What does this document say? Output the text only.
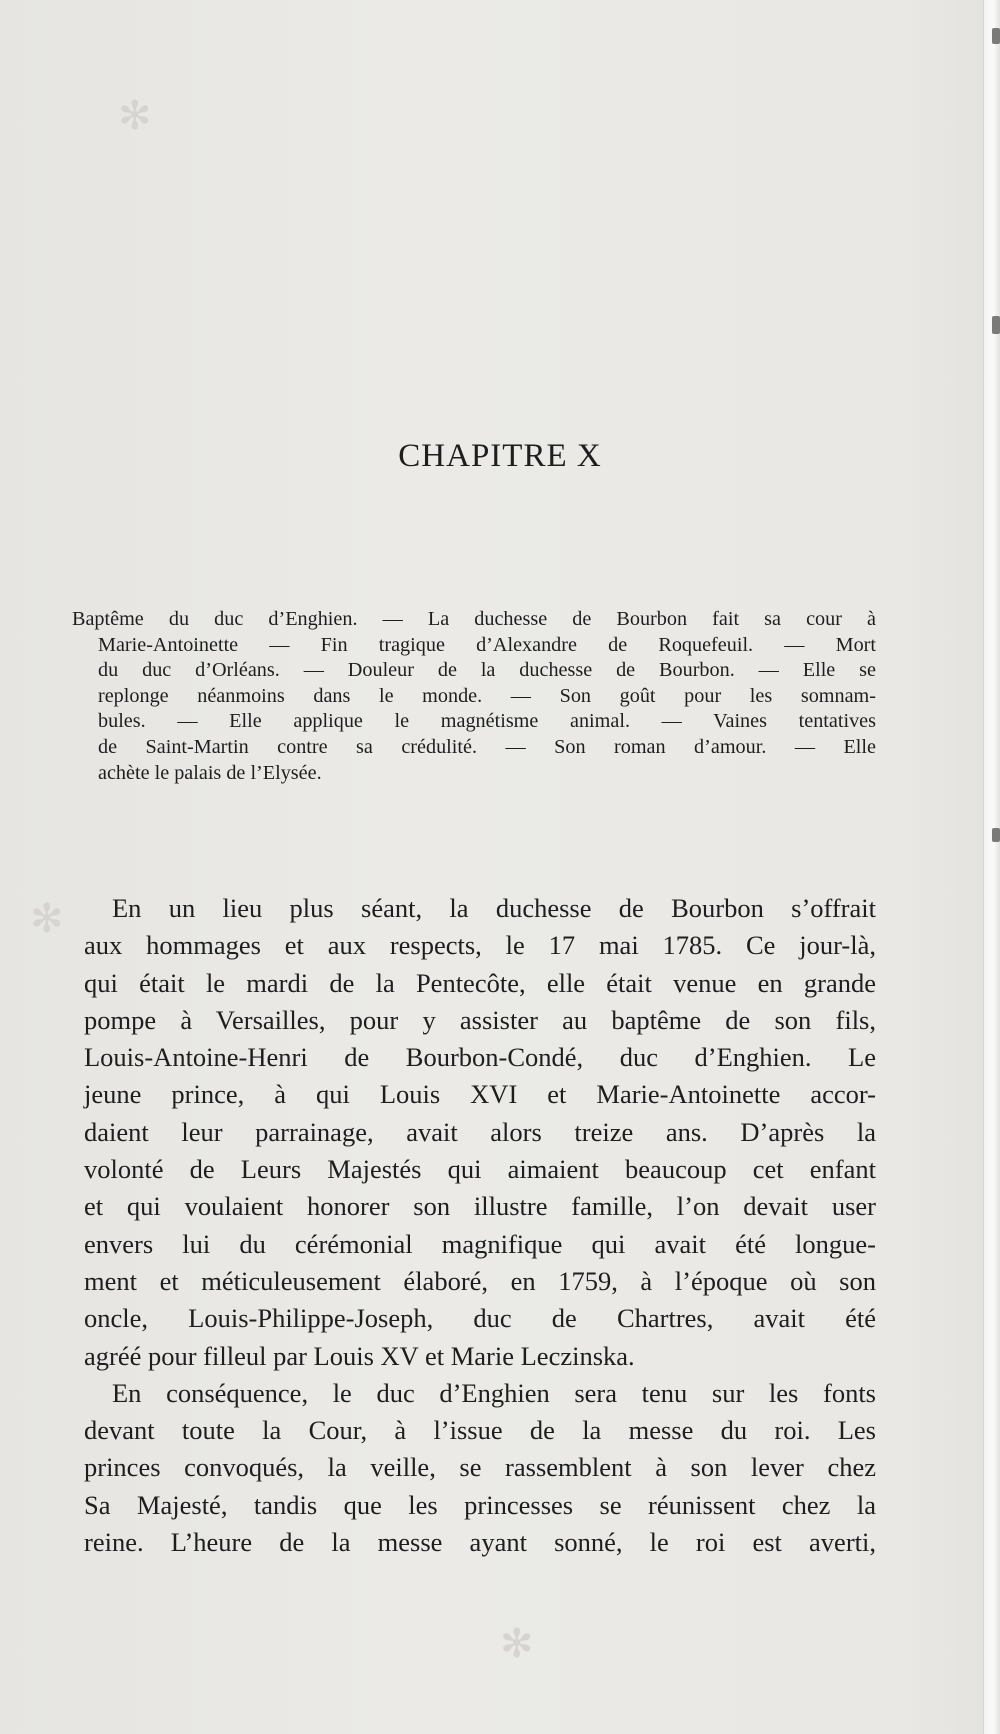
✻
✻
✻
CHAPITRE X
Baptême du duc d’Enghien. — La duchesse de Bourbon fait sa cour à
Marie-Antoinette — Fin tragique d’Alexandre de Roquefeuil. — Mort
du duc d’Orléans. — Douleur de la duchesse de Bourbon. — Elle se
replonge néanmoins dans le monde. — Son goût pour les somnam-
bules. — Elle applique le magnétisme animal. — Vaines tentatives
de Saint-Martin contre sa crédulité. — Son roman d’amour. — Elle
achète le palais de l’Elysée.
En un lieu plus séant, la duchesse de Bourbon s’offrait
aux hommages et aux respects, le 17 mai 1785. Ce jour-là,
qui était le mardi de la Pentecôte, elle était venue en grande
pompe à Versailles, pour y assister au baptême de son fils,
Louis-Antoine-Henri de Bourbon-Condé, duc d’Enghien. Le
jeune prince, à qui Louis XVI et Marie-Antoinette accor-
daient leur parrainage, avait alors treize ans. D’après la
volonté de Leurs Majestés qui aimaient beaucoup cet enfant
et qui voulaient honorer son illustre famille, l’on devait user
envers lui du cérémonial magnifique qui avait été longue-
ment et méticuleusement élaboré, en 1759, à l’époque où son
oncle, Louis-Philippe-Joseph, duc de Chartres, avait été
agréé pour filleul par Louis XV et Marie Leczinska.
En conséquence, le duc d’Enghien sera tenu sur les fonts
devant toute la Cour, à l’issue de la messe du roi. Les
princes convoqués, la veille, se rassemblent à son lever chez
Sa Majesté, tandis que les princesses se réunissent chez la
reine. L’heure de la messe ayant sonné, le roi est averti,
